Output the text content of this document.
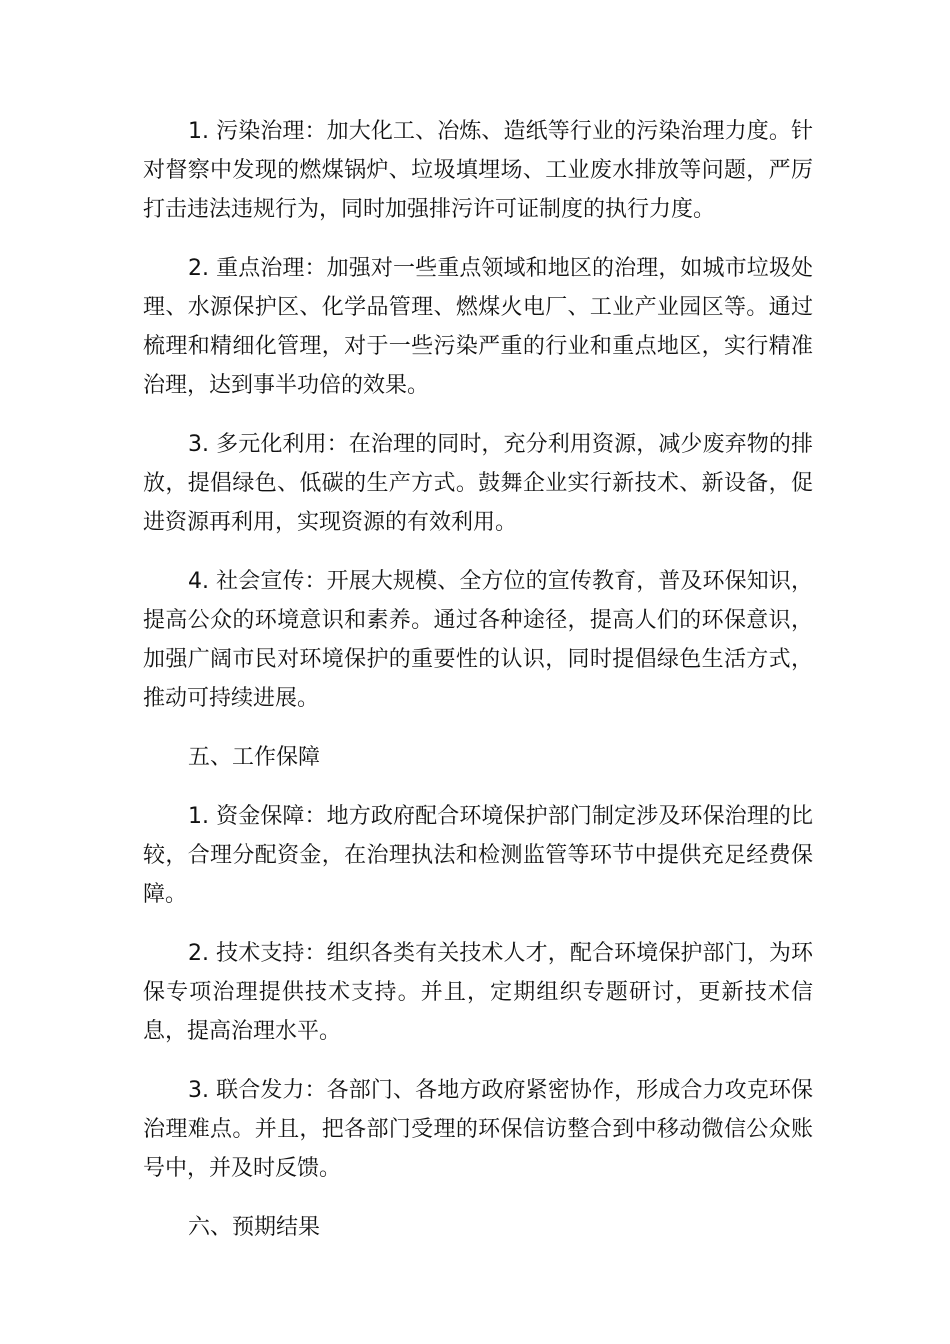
1. 污染治理：加大化工、冶炼、造纸等行业的污染治理力度。针对督察中发现的燃煤锅炉、垃圾填埋场、工业废水排放等问题，严厉打击违法违规行为，同时加强排污许可证制度的执行力度。

2. 重点治理：加强对一些重点领域和地区的治理，如城市垃圾处理、水源保护区、化学品管理、燃煤火电厂、工业产业园区等。通过梳理和精细化管理，对于一些污染严重的行业和重点地区，实行精准治理，达到事半功倍的效果。

3. 多元化利用：在治理的同时，充分利用资源，减少废弃物的排放，提倡绿色、低碳的生产方式。鼓舞企业实行新技术、新设备，促进资源再利用，实现资源的有效利用。

4. 社会宣传：开展大规模、全方位的宣传教育，普及环保知识，提高公众的环境意识和素养。通过各种途径，提高人们的环保意识，加强广阔市民对环境保护的重要性的认识，同时提倡绿色生活方式，推动可持续进展。

五、工作保障

1. 资金保障：地方政府配合环境保护部门制定涉及环保治理的比较，合理分配资金，在治理执法和检测监管等环节中提供充足经费保障。

2. 技术支持：组织各类有关技术人才，配合环境保护部门，为环保专项治理提供技术支持。并且，定期组织专题研讨，更新技术信息，提高治理水平。

3. 联合发力：各部门、各地方政府紧密协作，形成合力攻克环保治理难点。并且，把各部门受理的环保信访整合到中移动微信公众账号中，并及时反馈。

六、预期结果
